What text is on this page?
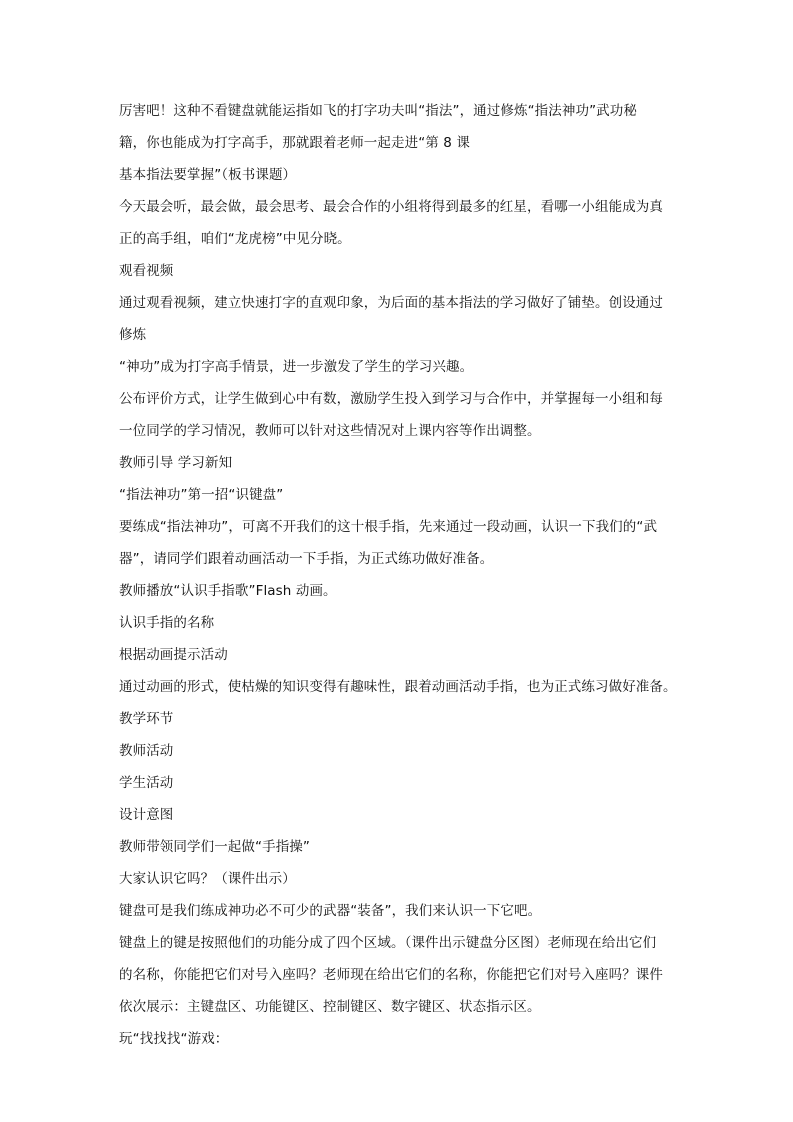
厉害吧！这种不看键盘就能运指如飞的打字功夫叫“指法”，通过修炼“指法神功”武功秘
籍，你也能成为打字高手，那就跟着老师一起走进“第 8 课
基本指法要掌握”（板书课题）
今天最会听，最会做，最会思考、最会合作的小组将得到最多的红星，看哪一小组能成为真
正的高手组，咱们“龙虎榜”中见分晓。
观看视频
通过观看视频，建立快速打字的直观印象，为后面的基本指法的学习做好了铺垫。创设通过
修炼
“神功”成为打字高手情景，进一步激发了学生的学习兴趣。
公布评价方式，让学生做到心中有数，激励学生投入到学习与合作中，并掌握每一小组和每
一位同学的学习情况，教师可以针对这些情况对上课内容等作出调整。
教师引导 学习新知
“指法神功”第一招“识键盘”
要练成“指法神功”，可离不开我们的这十根手指，先来通过一段动画，认识一下我们的“武
器”，请同学们跟着动画活动一下手指，为正式练功做好准备。
教师播放“认识手指歌”Flash 动画。
认识手指的名称
根据动画提示活动
通过动画的形式，使枯燥的知识变得有趣味性，跟着动画活动手指，也为正式练习做好准备。
教学环节
教师活动
学生活动
设计意图
教师带领同学们一起做“手指操”
大家认识它吗？（课件出示）
键盘可是我们练成神功必不可少的武器“装备”，我们来认识一下它吧。
键盘上的键是按照他们的功能分成了四个区域。（课件出示键盘分区图）老师现在给出它们
的名称，你能把它们对号入座吗？老师现在给出它们的名称，你能把它们对号入座吗？课件
依次展示：主键盘区、功能键区、控制键区、数字键区、状态指示区。
玩“找找找“游戏：
